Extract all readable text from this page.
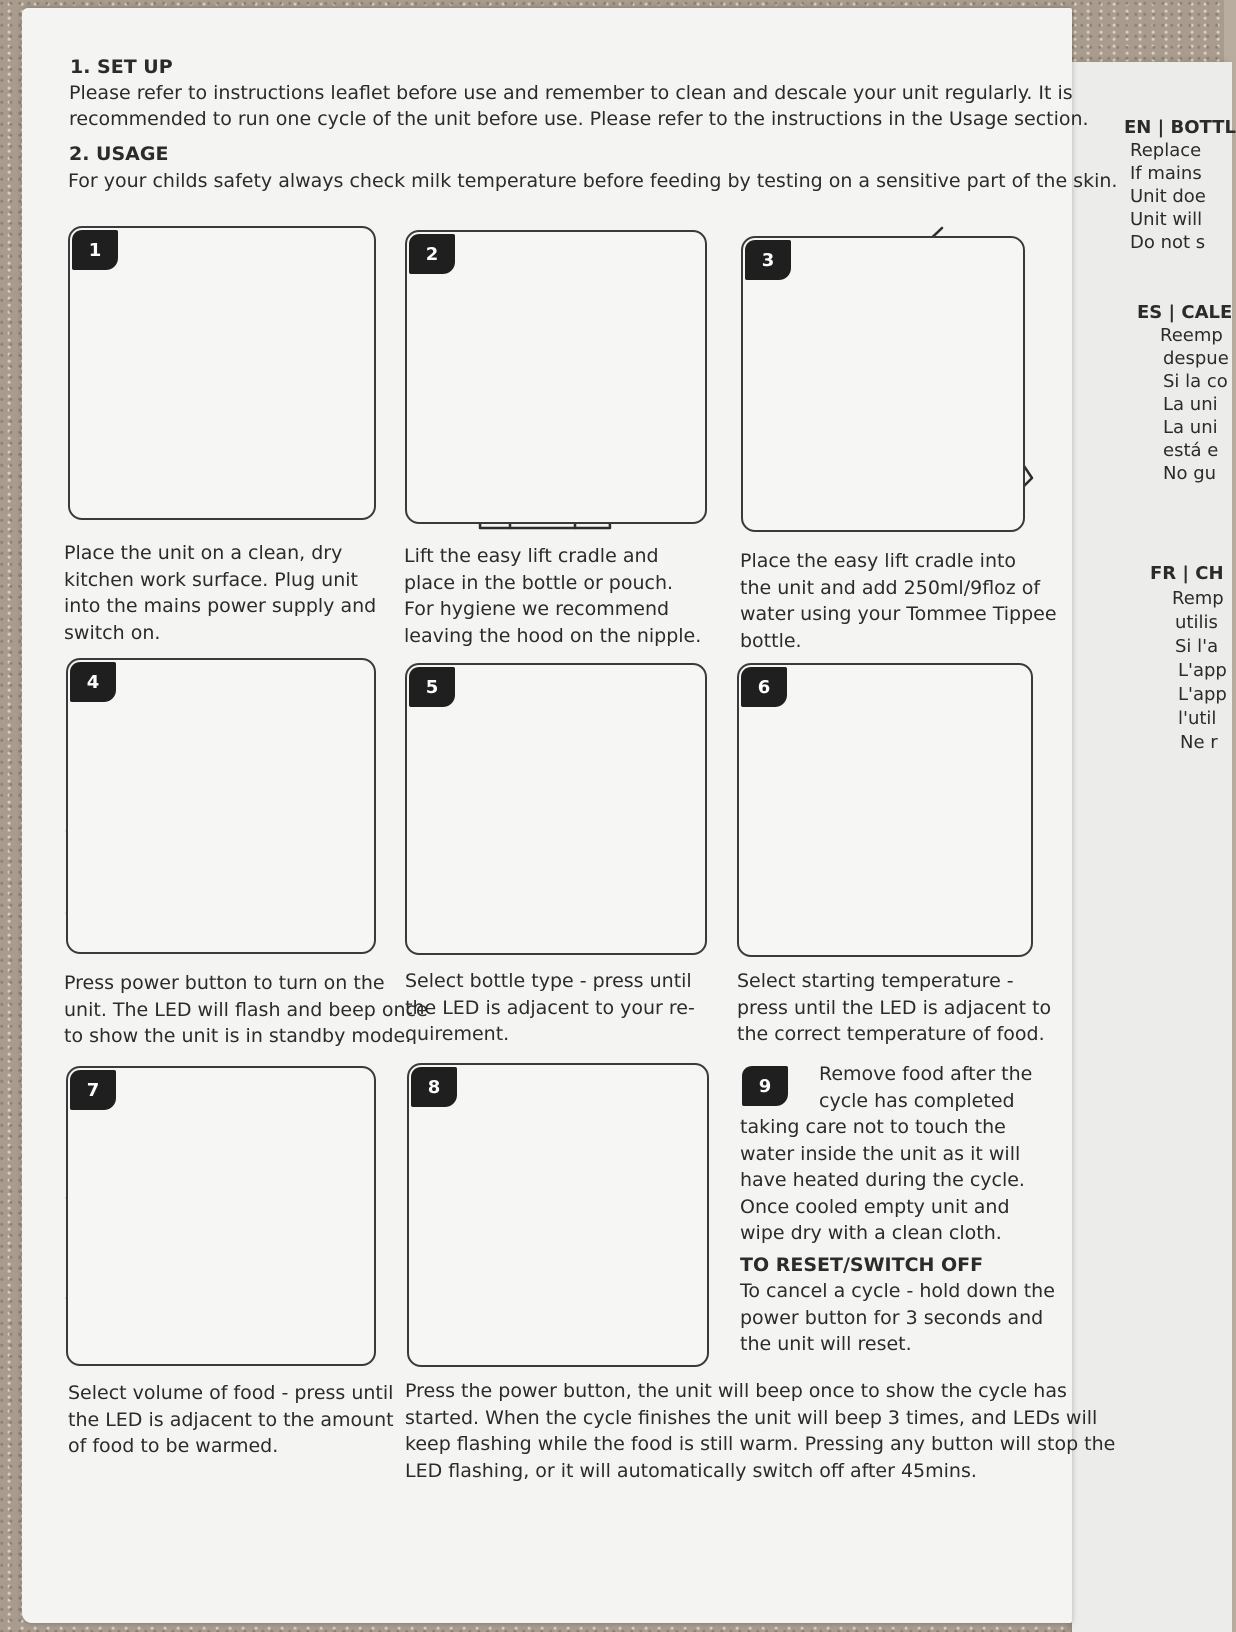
1. SET UP
Please refer to instructions leaflet before use and remember to clean and descale your unit regularly. It is
recommended to run one cycle of the unit before use. Please refer to the instructions in the Usage section.
2. USAGE
For your childs safety always check milk temperature before feeding by testing on a sensitive part of the skin.
1	2	3
4	5	6
7	8	9
Place the unit on a clean, dry
kitchen work surface. Plug unit
into the mains power supply and
switch on.
Lift the easy lift cradle and
place in the bottle or pouch.
For hygiene we recommend
leaving the hood on the nipple.
Place the easy lift cradle into
the unit and add 250ml/9floz of
water using your Tommee Tippee
bottle.
Press power button to turn on the
unit. The LED will flash and beep once
to show the unit is in standby mode.
Select bottle type - press until
the LED is adjacent to your re-
quirement.
Select starting temperature -
press until the LED is adjacent to
the correct temperature of food.
Remove food after the
cycle has completed
taking care not to touch the
water inside the unit as it will
have heated during the cycle.
Once cooled empty unit and
wipe dry with a clean cloth.
TO RESET/SWITCH OFF
To cancel a cycle - hold down the
power button for 3 seconds and
the unit will reset.
Select volume of food - press until
the LED is adjacent to the amount
of food to be warmed.
Press the power button, the unit will beep once to show the cycle has
started. When the cycle finishes the unit will beep 3 times, and LEDs will
keep flashing while the food is still warm. Pressing any button will stop the
LED flashing, or it will automatically switch off after 45mins.
EN | BOTTL
Replace
If mains
Unit doe
Unit will
Do not s
ES | CALE
Reemp
despue
Si la co
La uni
La uni
está e
No gu
FR | CH
Remp
utilis
Si l'a
L'app
L'app
l'util
Ne r
